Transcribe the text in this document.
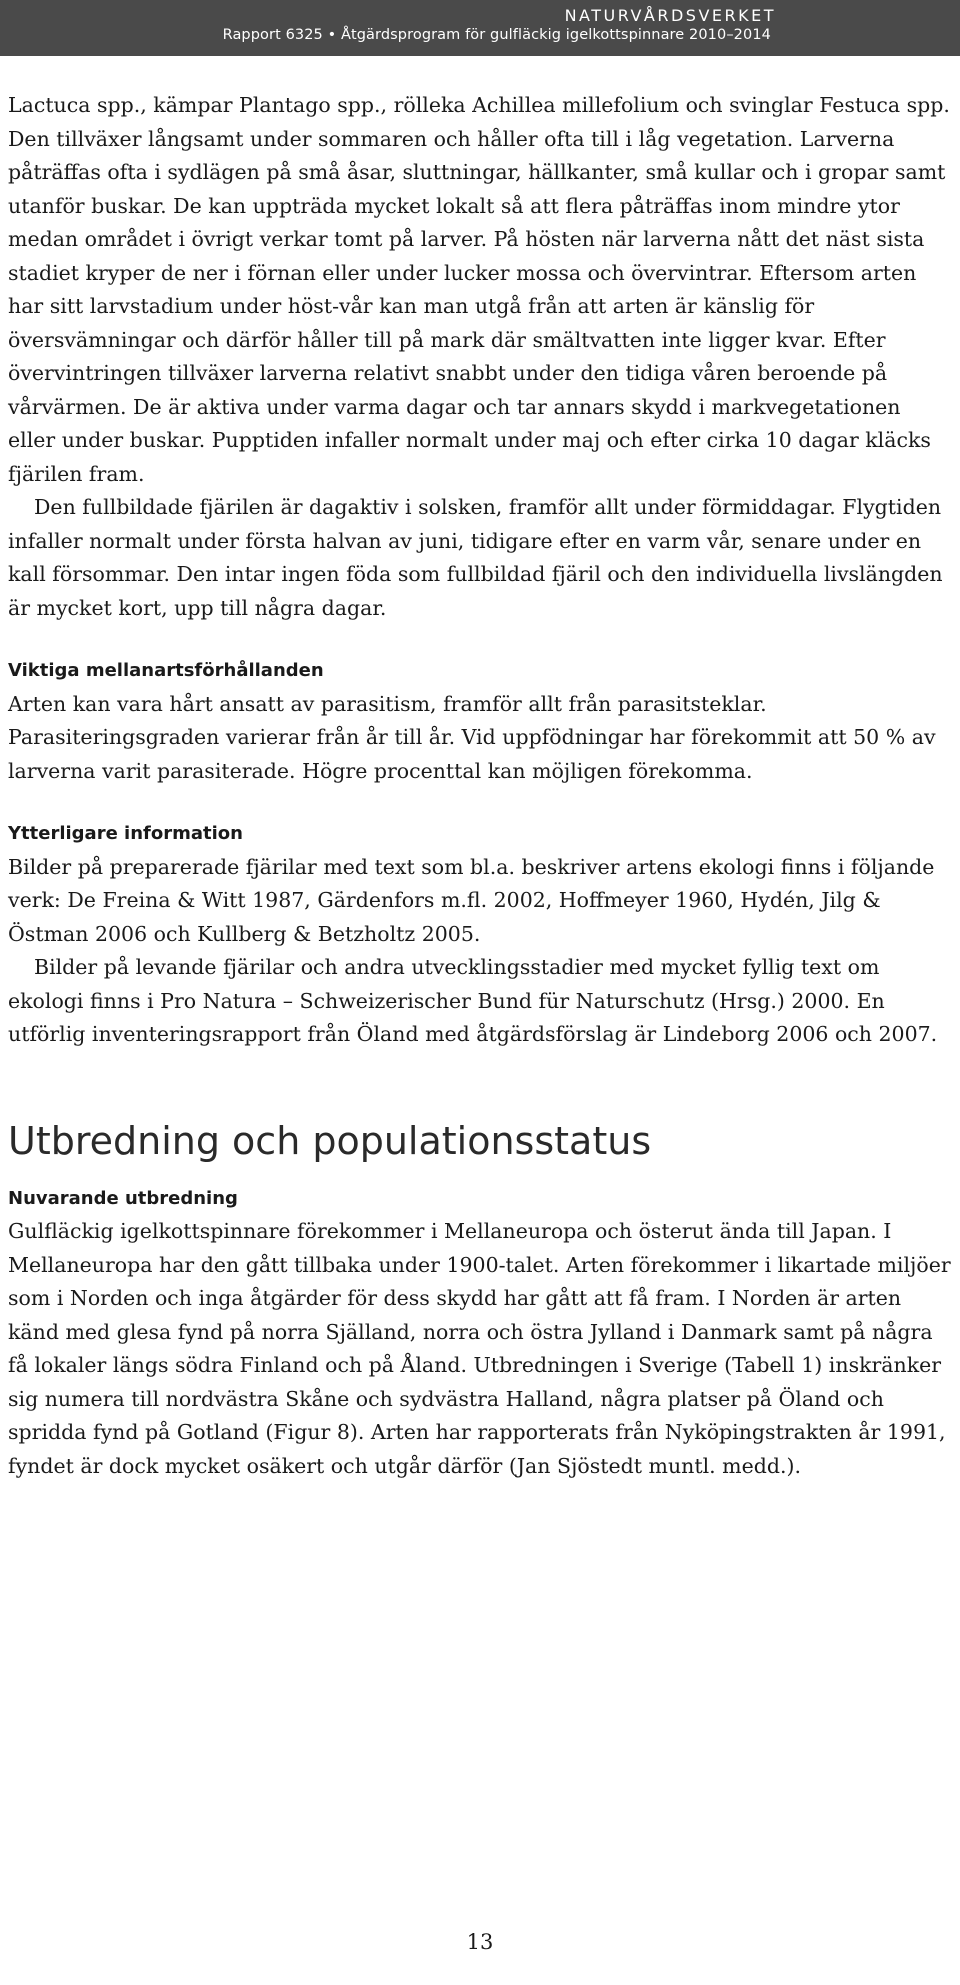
NATURVÅRDSVERKET
Rapport 6325 • Åtgärdsprogram för gulfläckig igelkottspinnare 2010–2014

Lactuca spp., kämpar Plantago spp., rölleka Achillea millefolium och svinglar Festuca spp. Den tillväxer långsamt under sommaren och håller ofta till i låg vegetation. Larverna påträffas ofta i sydlägen på små åsar, sluttningar, hällkanter, små kullar och i gropar samt utanför buskar. De kan uppträda mycket lokalt så att flera påträffas inom mindre ytor medan området i övrigt verkar tomt på larver. På hösten när larverna nått det näst sista stadiet kryper de ner i förnan eller under lucker mossa och övervintrar. Eftersom arten har sitt larvstadium under höst-vår kan man utgå från att arten är känslig för översvämningar och därför håller till på mark där smältvatten inte ligger kvar. Efter övervintringen tillväxer larverna relativt snabbt under den tidiga våren beroende på vårvärmen. De är aktiva under varma dagar och tar annars skydd i markvegetationen eller under buskar. Pupptiden infaller normalt under maj och efter cirka 10 dagar kläcks fjärilen fram.

Den fullbildade fjärilen är dagaktiv i solsken, framför allt under förmiddagar. Flygtiden infaller normalt under första halvan av juni, tidigare efter en varm vår, senare under en kall försommar. Den intar ingen föda som fullbildad fjäril och den individuella livslängden är mycket kort, upp till några dagar.

Viktiga mellanartsförhållanden

Arten kan vara hårt ansatt av parasitism, framför allt från parasitsteklar. Parasiteringsgraden varierar från år till år. Vid uppfödningar har förekommit att 50 % av larverna varit parasiterade. Högre procenttal kan möjligen förekomma.

Ytterligare information

Bilder på preparerade fjärilar med text som bl.a. beskriver artens ekologi finns i följande verk: De Freina & Witt 1987, Gärdenfors m.fl. 2002, Hoffmeyer 1960, Hydén, Jilg & Östman 2006 och Kullberg & Betzholtz 2005.

Bilder på levande fjärilar och andra utvecklingsstadier med mycket fyllig text om ekologi finns i Pro Natura – Schweizerischer Bund für Naturschutz (Hrsg.) 2000. En utförlig inventeringsrapport från Öland med åtgärdsförslag är Lindeborg 2006 och 2007.

Utbredning och populationsstatus
Nuvarande utbredning

Gulfläckig igelkottspinnare förekommer i Mellaneuropa och österut ända till Japan. I Mellaneuropa har den gått tillbaka under 1900-talet. Arten förekommer i likartade miljöer som i Norden och inga åtgärder för dess skydd har gått att få fram. I Norden är arten känd med glesa fynd på norra Själland, norra och östra Jylland i Danmark samt på några få lokaler längs södra Finland och på Åland. Utbredningen i Sverige (Tabell 1) inskränker sig numera till nordvästra Skåne och sydvästra Halland, några platser på Öland och spridda fynd på Gotland (Figur 8). Arten har rapporterats från Nyköpingstrakten år 1991, fyndet är dock mycket osäkert och utgår därför (Jan Sjöstedt muntl. medd.).

13
